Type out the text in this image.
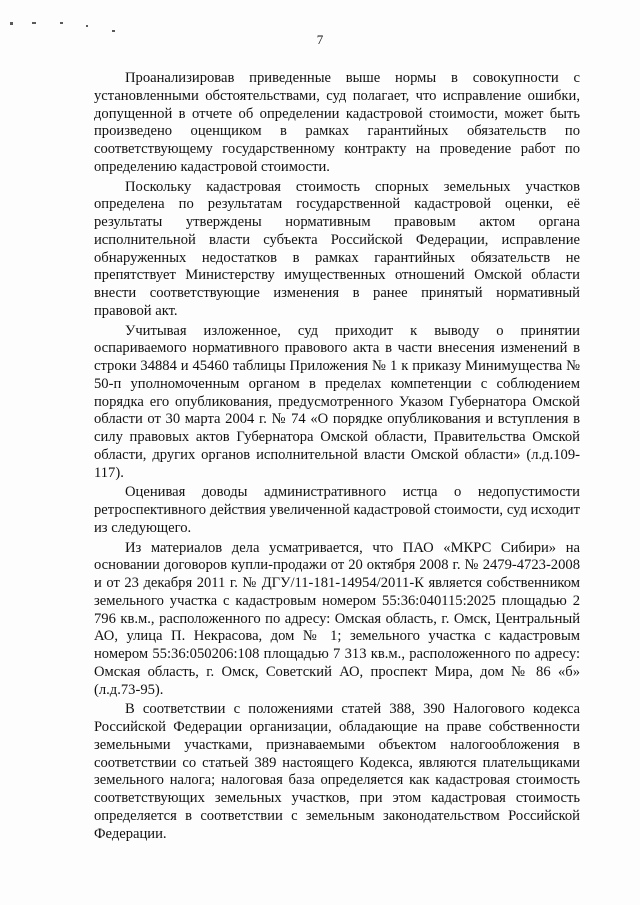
7

Проанализировав приведенные выше нормы в совокупности с установленными обстоятельствами, суд полагает, что исправление ошибки, допущенной в отчете об определении кадастровой стоимости, может быть произведено оценщиком в рамках гарантийных обязательств по соответствующему государственному контракту на проведение работ по определению кадастровой стоимости.

Поскольку кадастровая стоимость спорных земельных участков определена по результатам государственной кадастровой оценки, её результаты утверждены нормативным правовым актом органа исполнительной власти субъекта Российской Федерации, исправление обнаруженных недостатков в рамках гарантийных обязательств не препятствует Министерству имущественных отношений Омской области внести соответствующие изменения в ранее принятый нормативный правовой акт.

Учитывая изложенное, суд приходит к выводу о принятии оспариваемого нормативного правового акта в части внесения изменений в строки 34884 и 45460 таблицы Приложения № 1 к приказу Минимущества № 50-п уполномоченным органом в пределах компетенции с соблюдением порядка его опубликования, предусмотренного Указом Губернатора Омской области от 30 марта 2004 г. № 74 «О порядке опубликования и вступления в силу правовых актов Губернатора Омской области, Правительства Омской области, других органов исполнительной власти Омской области» (л.д.109-117).

Оценивая доводы административного истца о недопустимости ретроспективного действия увеличенной кадастровой стоимости, суд исходит из следующего.

Из материалов дела усматривается, что ПАО «МКРС Сибири» на основании договоров купли-продажи от 20 октября 2008 г. № 2479-4723-2008 и от 23 декабря 2011 г. № ДГУ/11-181-14954/2011-К является собственником земельного участка с кадастровым номером 55:36:040115:2025 площадью 2 796 кв.м., расположенного по адресу: Омская область, г. Омск, Центральный АО, улица П. Некрасова, дом № 1; земельного участка с кадастровым номером 55:36:050206:108 площадью 7 313 кв.м., расположенного по адресу: Омская область, г. Омск, Советский АО, проспект Мира, дом № 86 «б» (л.д.73-95).

В соответствии с положениями статей 388, 390 Налогового кодекса Российской Федерации организации, обладающие на праве собственности земельными участками, признаваемыми объектом налогообложения в соответствии со статьей 389 настоящего Кодекса, являются плательщиками земельного налога; налоговая база определяется как кадастровая стоимость соответствующих земельных участков, при этом кадастровая стоимость определяется в соответствии с земельным законодательством Российской Федерации.
